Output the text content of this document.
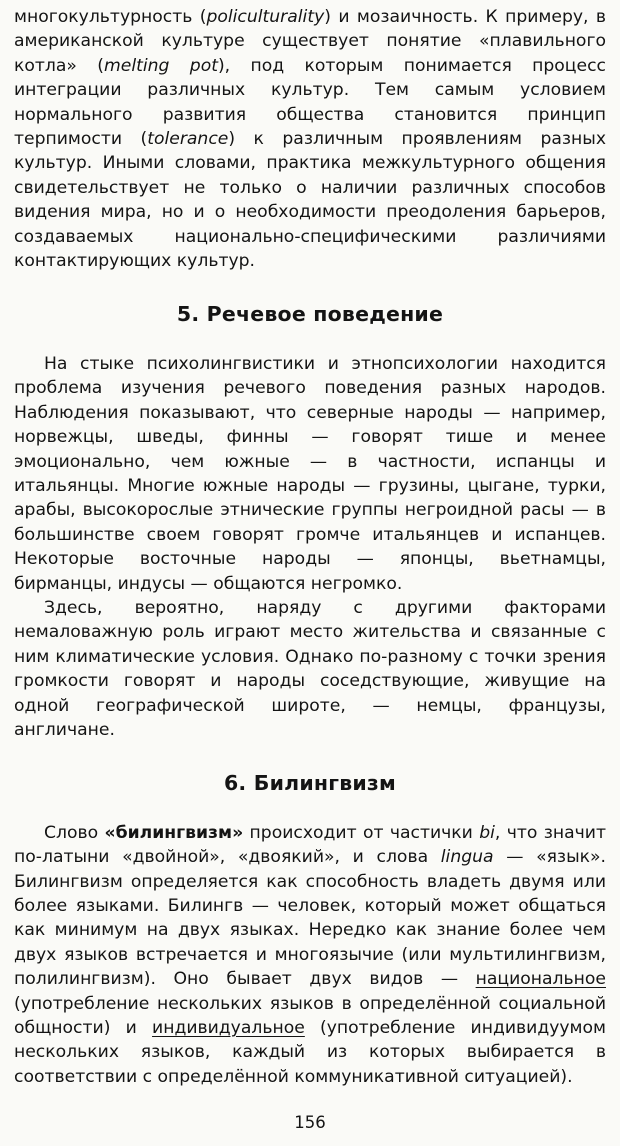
многокультурность (policulturality) и мозаичность. К примеру, в американской культуре существует понятие «плавильного котла» (melting pot), под которым понимается процесс интеграции различных культур. Тем самым условием нормального развития общества становится принцип терпимости (tolerance) к различным проявлениям разных культур. Иными словами, практика межкультурного общения свидетельствует не только о наличии различных способов видения мира, но и о необходимости преодоления барьеров, создаваемых национально-специфическими различиями контактирующих культур.

5. Речевое поведение

На стыке психолингвистики и этнопсихологии находится проблема изучения речевого поведения разных народов. Наблюдения показывают, что северные народы — например, норвежцы, шведы, финны — говорят тише и менее эмоционально, чем южные — в частности, испанцы и итальянцы. Многие южные народы — грузины, цыгане, турки, арабы, высокорослые этнические группы негроидной расы — в большинстве своем говорят громче итальянцев и испанцев. Некоторые восточные народы — японцы, вьетнамцы, бирманцы, индусы — общаются негромко.

Здесь, вероятно, наряду с другими факторами немаловажную роль играют место жительства и связанные с ним климатические условия. Однако по-разному с точки зрения громкости говорят и народы соседствующие, живущие на одной географической широте, — немцы, французы, англичане.

6. Билингвизм

Слово «билингвизм» происходит от частички bi, что значит по-латыни «двойной», «двоякий», и слова lingua — «язык». Билингвизм определяется как способность владеть двумя или более языками. Билингв — человек, который может общаться как минимум на двух языках. Нередко как знание более чем двух языков встречается и многоязычие (или мультилингвизм, полилингвизм). Оно бывает двух видов — национальное (употребление нескольких языков в определённой социальной общности) и индивидуальное (употребление индивидуумом нескольких языков, каждый из которых выбирается в соответствии с определённой коммуникативной ситуацией).

156
